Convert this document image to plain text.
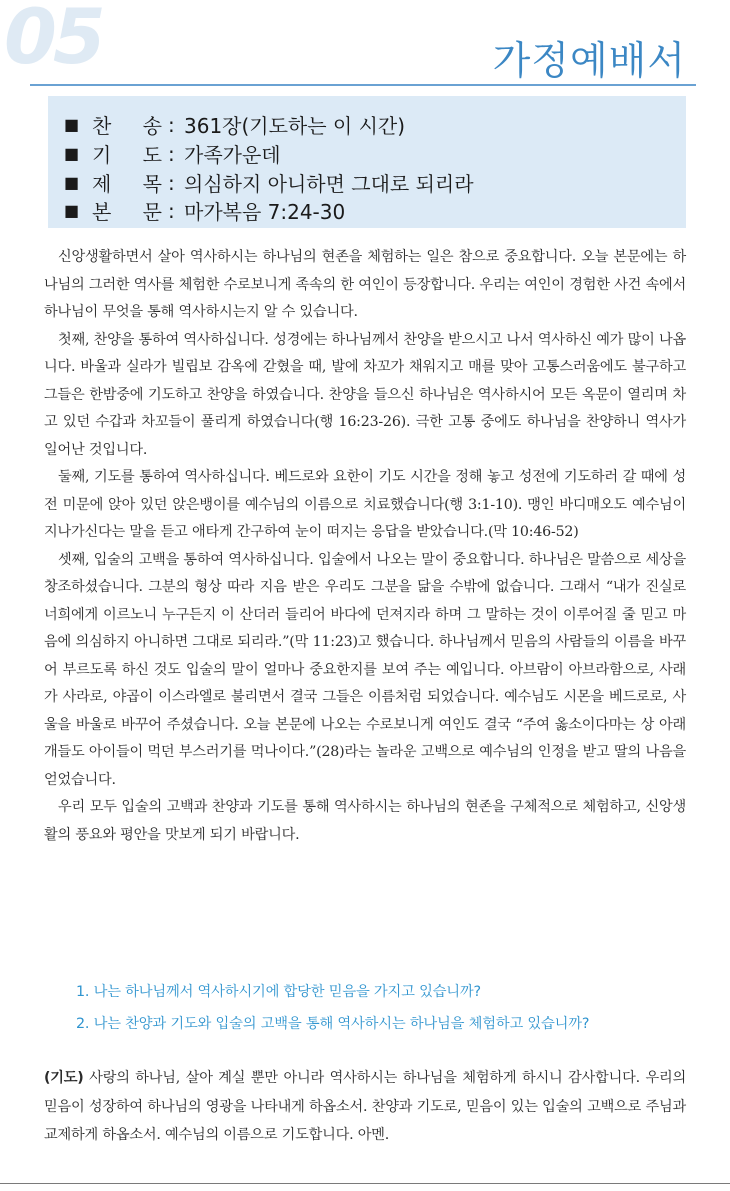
05	가정예배서
■ 찬 송 : 361장(기도하는 이 시간)
■ 기 도 : 가족가운데
■ 제 목 : 의심하지 아니하면 그대로 되리라
■ 본 문 : 마가복음 7:24-30

신앙생활하면서 살아 역사하시는 하나님의 현존을 체험하는 일은 참으로 중요합니다. 오늘 본문에는 하나님의 그러한 역사를 체험한 수로보니게 족속의 한 여인이 등장합니다. 우리는 여인이 경험한 사건 속에서 하나님이 무엇을 통해 역사하시는지 알 수 있습니다.

첫째, 찬양을 통하여 역사하십니다. 성경에는 하나님께서 찬양을 받으시고 나서 역사하신 예가 많이 나옵니다. 바울과 실라가 빌립보 감옥에 갇혔을 때, 발에 차꼬가 채워지고 매를 맞아 고통스러움에도 불구하고 그들은 한밤중에 기도하고 찬양을 하였습니다. 찬양을 들으신 하나님은 역사하시어 모든 옥문이 열리며 차고 있던 수갑과 차꼬들이 풀리게 하였습니다(행 16:23-26). 극한 고통 중에도 하나님을 찬양하니 역사가 일어난 것입니다.

둘째, 기도를 통하여 역사하십니다. 베드로와 요한이 기도 시간을 정해 놓고 성전에 기도하러 갈 때에 성전 미문에 앉아 있던 앉은뱅이를 예수님의 이름으로 치료했습니다(행 3:1-10). 맹인 바디매오도 예수님이 지나가신다는 말을 듣고 애타게 간구하여 눈이 떠지는 응답을 받았습니다.(막 10:46-52)

셋째, 입술의 고백을 통하여 역사하십니다. 입술에서 나오는 말이 중요합니다. 하나님은 말씀으로 세상을 창조하셨습니다. 그분의 형상 따라 지음 받은 우리도 그분을 닮을 수밖에 없습니다. 그래서 “내가 진실로 너희에게 이르노니 누구든지 이 산더러 들리어 바다에 던져지라 하며 그 말하는 것이 이루어질 줄 믿고 마음에 의심하지 아니하면 그대로 되리라.”(막 11:23)고 했습니다. 하나님께서 믿음의 사람들의 이름을 바꾸어 부르도록 하신 것도 입술의 말이 얼마나 중요한지를 보여 주는 예입니다. 아브람이 아브라함으로, 사래가 사라로, 야곱이 이스라엘로 불리면서 결국 그들은 이름처럼 되었습니다. 예수님도 시몬을 베드로로, 사울을 바울로 바꾸어 주셨습니다. 오늘 본문에 나오는 수로보니게 여인도 결국 “주여 옳소이다마는 상 아래 개들도 아이들이 먹던 부스러기를 먹나이다.”(28)라는 놀라운 고백으로 예수님의 인정을 받고 딸의 나음을 얻었습니다.

우리 모두 입술의 고백과 찬양과 기도를 통해 역사하시는 하나님의 현존을 구체적으로 체험하고, 신앙생활의 풍요와 평안을 맛보게 되기 바랍니다.

1. 나는 하나님께서 역사하시기에 합당한 믿음을 가지고 있습니까?
2. 나는 찬양과 기도와 입술의 고백을 통해 역사하시는 하나님을 체험하고 있습니까?
(기도) 사랑의 하나님, 살아 계실 뿐만 아니라 역사하시는 하나님을 체험하게 하시니 감사합니다. 우리의 믿음이 성장하여 하나님의 영광을 나타내게 하옵소서. 찬양과 기도로, 믿음이 있는 입술의 고백으로 주님과 교제하게 하옵소서. 예수님의 이름으로 기도합니다. 아멘.
